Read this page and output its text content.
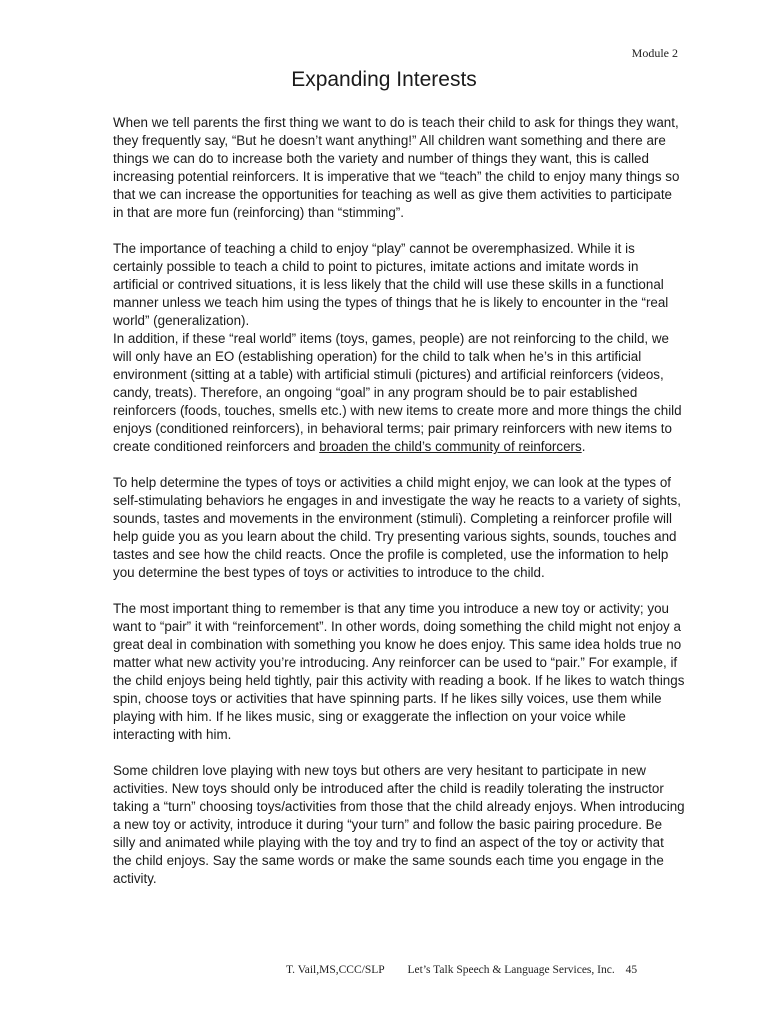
Module 2
Expanding Interests

When we tell parents the first thing we want to do is teach their child to ask for things they want, they frequently say, “But he doesn’t want anything!” All children want something and there are things we can do to increase both the variety and number of things they want, this is called increasing potential reinforcers. It is imperative that we “teach” the child to enjoy many things so that we can increase the opportunities for teaching as well as give them activities to participate in that are more fun (reinforcing) than “stimming”.

The importance of teaching a child to enjoy “play” cannot be overemphasized. While it is certainly possible to teach a child to point to pictures, imitate actions and imitate words in artificial or contrived situations, it is less likely that the child will use these skills in a functional manner unless we teach him using the types of things that he is likely to encounter in the “real world” (generalization).

In addition, if these “real world” items (toys, games, people) are not reinforcing to the child, we will only have an EO (establishing operation) for the child to talk when he’s in this artificial environment (sitting at a table) with artificial stimuli (pictures) and artificial reinforcers (videos, candy, treats). Therefore, an ongoing “goal” in any program should be to pair established reinforcers (foods, touches, smells etc.) with new items to create more and more things the child enjoys (conditioned reinforcers), in behavioral terms; pair primary reinforcers with new items to create conditioned reinforcers and broaden the child’s community of reinforcers.

To help determine the types of toys or activities a child might enjoy, we can look at the types of self-stimulating behaviors he engages in and investigate the way he reacts to a variety of sights, sounds, tastes and movements in the environment (stimuli). Completing a reinforcer profile will help guide you as you learn about the child. Try presenting various sights, sounds, touches and tastes and see how the child reacts. Once the profile is completed, use the information to help you determine the best types of toys or activities to introduce to the child.

The most important thing to remember is that any time you introduce a new toy or activity; you want to “pair” it with “reinforcement”. In other words, doing something the child might not enjoy a great deal in combination with something you know he does enjoy. This same idea holds true no matter what new activity you’re introducing. Any reinforcer can be used to “pair.” For example, if the child enjoys being held tightly, pair this activity with reading a book. If he likes to watch things spin, choose toys or activities that have spinning parts. If he likes silly voices, use them while playing with him. If he likes music, sing or exaggerate the inflection on your voice while interacting with him.

Some children love playing with new toys but others are very hesitant to participate in new activities. New toys should only be introduced after the child is readily tolerating the instructor taking a “turn” choosing toys/activities from those that the child already enjoys. When introducing a new toy or activity, introduce it during “your turn” and follow the basic pairing procedure. Be silly and animated while playing with the toy and try to find an aspect of the toy or activity that the child enjoys. Say the same words or make the same sounds each time you engage in the activity.

T. Vail,MS,CCC/SLP Let’s Talk Speech & Language Services, Inc. 45
